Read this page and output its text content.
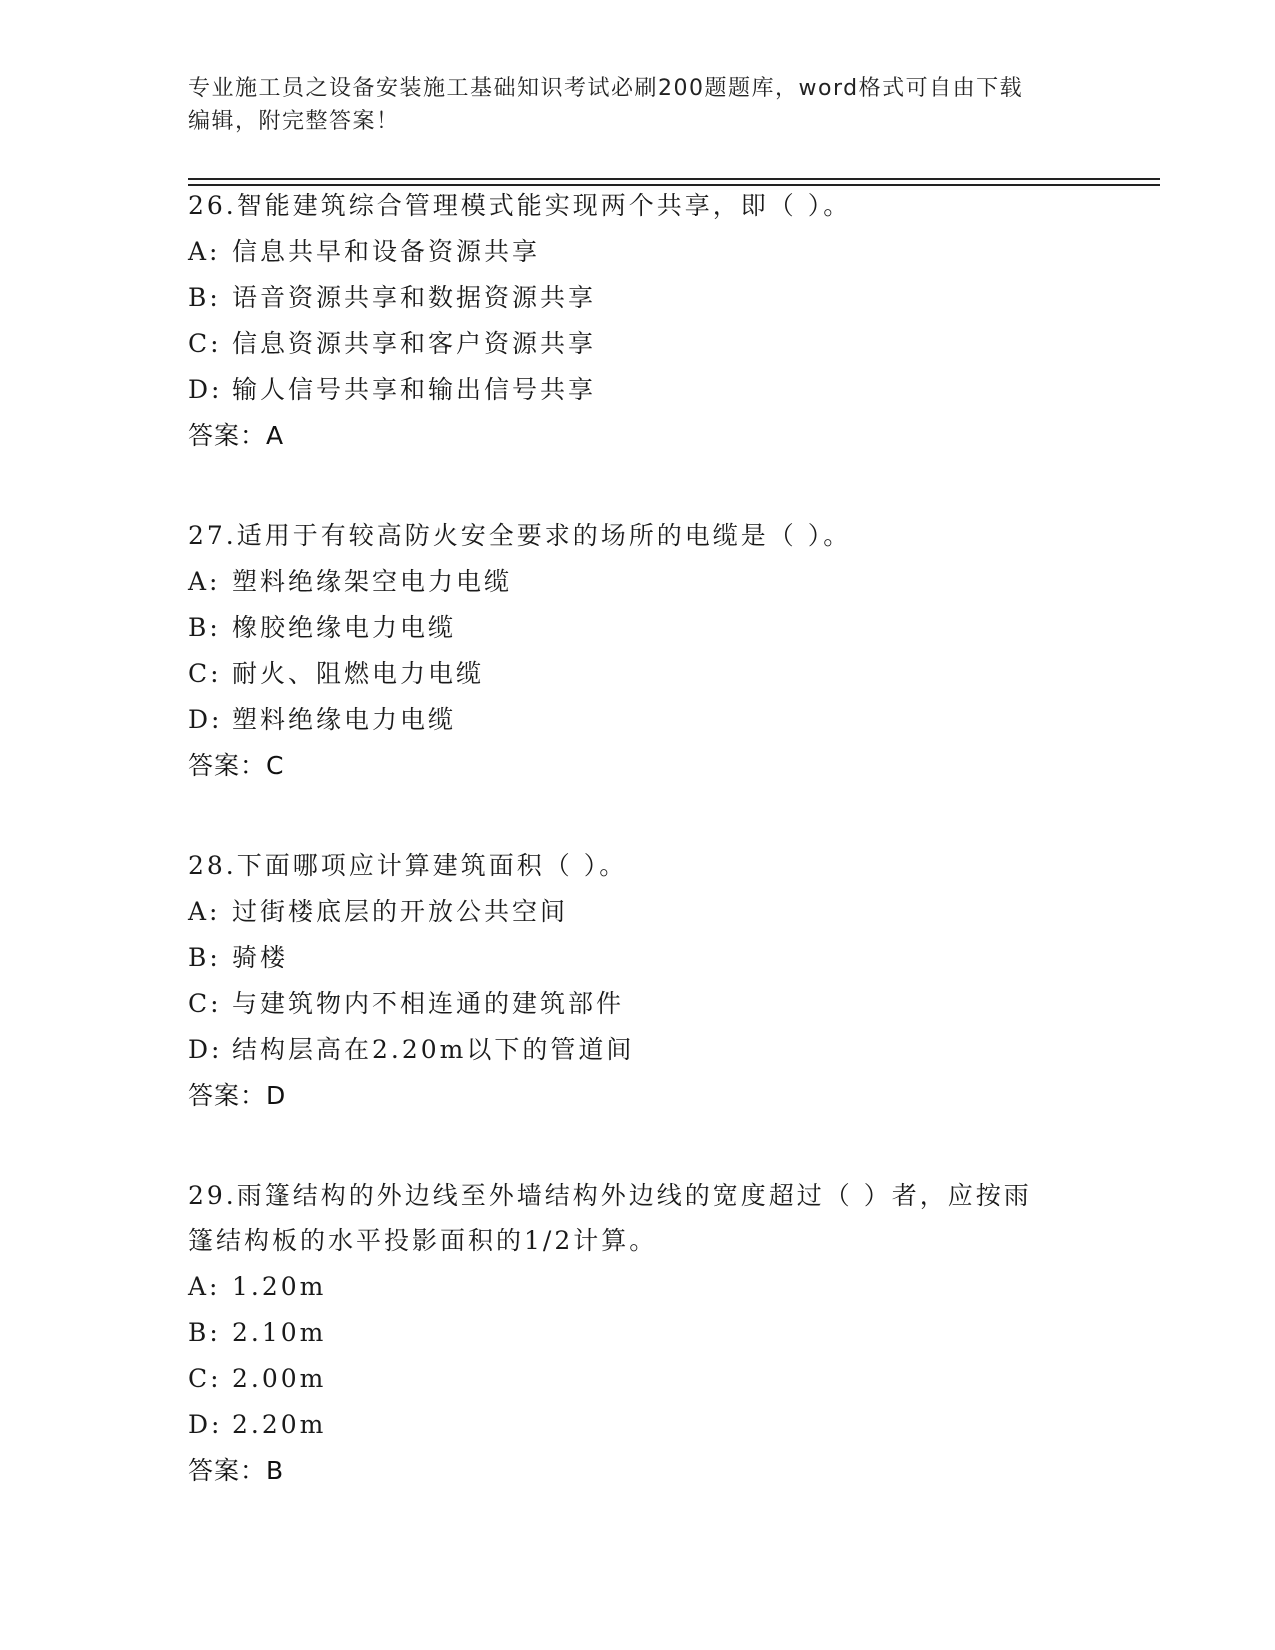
专业施工员之设备安装施工基础知识考试必刷200题题库，word格式可自由下载
编辑，附完整答案！
26.智能建筑综合管理模式能实现两个共享，即（ ）。
A: 信息共早和设备资源共享
B: 语音资源共享和数据资源共享
C: 信息资源共享和客户资源共享
D: 输人信号共享和输出信号共享
答案：A
27.适用于有较高防火安全要求的场所的电缆是（ ）。
A: 塑料绝缘架空电力电缆
B: 橡胶绝缘电力电缆
C: 耐火、阻燃电力电缆
D: 塑料绝缘电力电缆
答案：C
28.下面哪项应计算建筑面积（ ）。
A: 过街楼底层的开放公共空间
B: 骑楼
C: 与建筑物内不相连通的建筑部件
D: 结构层高在2.20m以下的管道间
答案：D
29.雨篷结构的外边线至外墙结构外边线的宽度超过（ ）者，应按雨
篷结构板的水平投影面积的1/2计算。
A: 1.20m
B: 2.10m
C: 2.00m
D: 2.20m
答案：B
